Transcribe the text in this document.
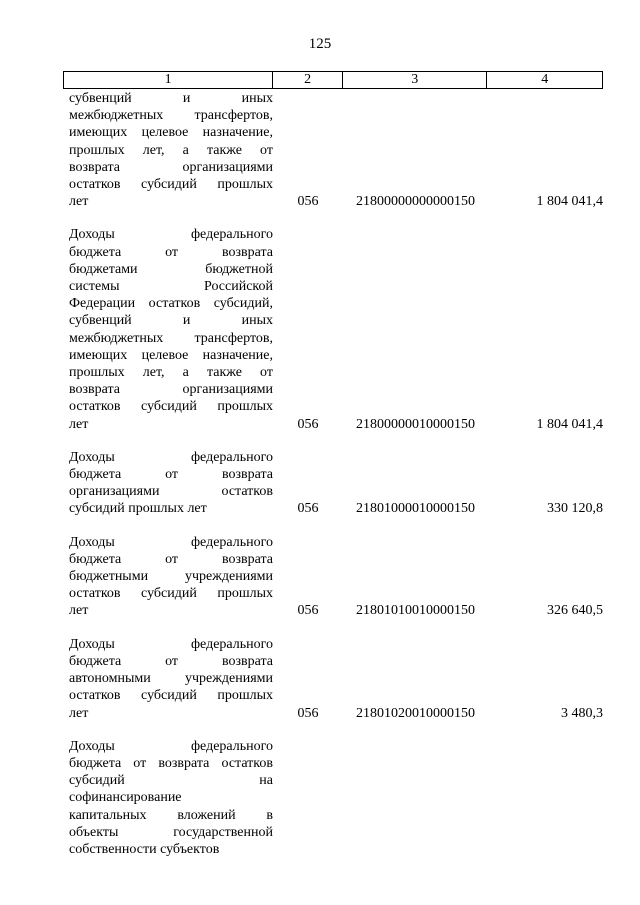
125
1	2	3	4
субвенций и иных
межбюджетных трансфертов,
имеющих целевое назначение,
прошлых лет, а также от
возврата организациями
остатков субсидий прошлых
лет	056	21800000000000150	1 804 041,4
Доходы федерального
бюджета от возврата
бюджетами бюджетной
системы Российской
Федерации остатков субсидий,
субвенций и иных
межбюджетных трансфертов,
имеющих целевое назначение,
прошлых лет, а также от
возврата организациями
остатков субсидий прошлых
лет	056	21800000010000150	1 804 041,4
Доходы федерального
бюджета от возврата
организациями остатков
субсидий прошлых лет	056	21801000010000150	330 120,8
Доходы федерального
бюджета от возврата
бюджетными учреждениями
остатков субсидий прошлых
лет	056	21801010010000150	326 640,5
Доходы федерального
бюджета от возврата
автономными учреждениями
остатков субсидий прошлых
лет	056	21801020010000150	3 480,3
Доходы федерального
бюджета от возврата остатков
субсидий на
софинансирование
капитальных вложений в
объекты государственной
собственности субъектов
